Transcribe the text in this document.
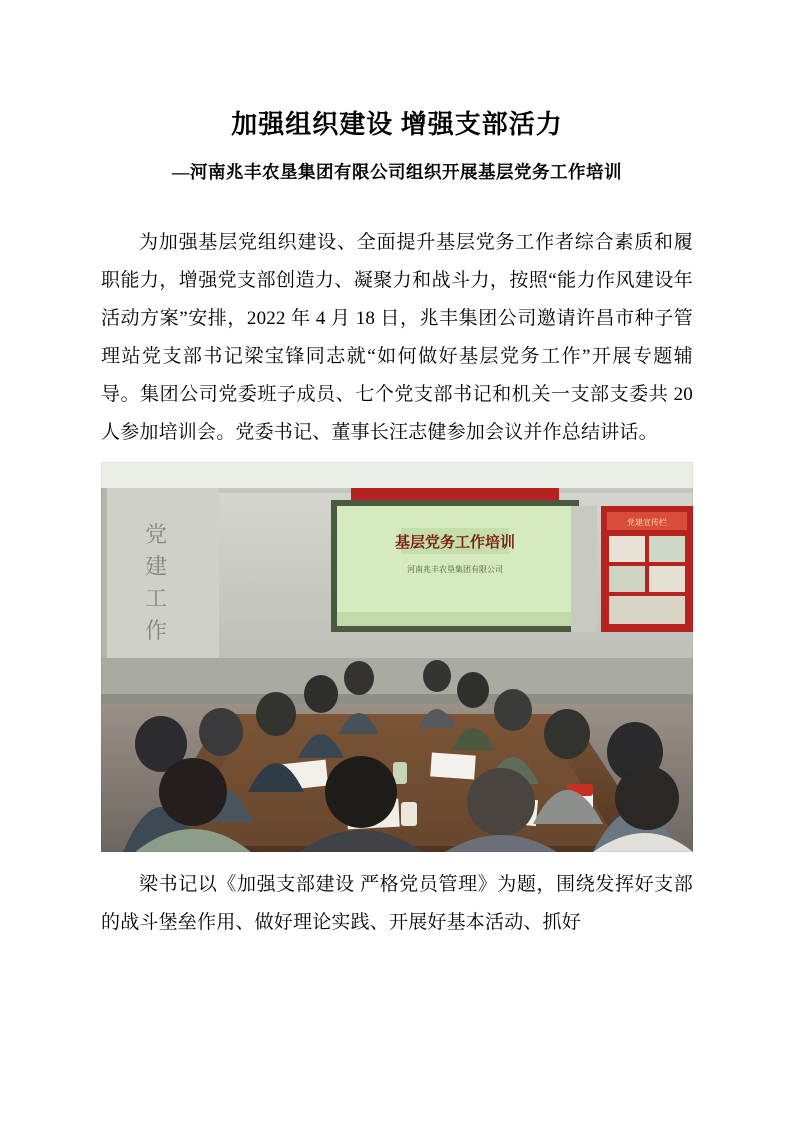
加强组织建设 增强支部活力
—河南兆丰农垦集团有限公司组织开展基层党务工作培训

为加强基层党组织建设、全面提升基层党务工作者综合素质和履职能力，增强党支部创造力、凝聚力和战斗力，按照“能力作风建设年活动方案”安排，2022 年 4 月 18 日，兆丰集团公司邀请许昌市种子管理站党支部书记梁宝锋同志就“如何做好基层党务工作”开展专题辅导。集团公司党委班子成员、七个党支部书记和机关一支部支委共 20 人参加培训会。党委书记、董事长汪志健参加会议并作总结讲话。

党
建
工
作
基层党务工作培训
河南兆丰农垦集团有限公司
党建宣传栏

梁书记以《加强支部建设 严格党员管理》为题，围绕发挥好支部的战斗堡垒作用、做好理论实践、开展好基本活动、抓好
